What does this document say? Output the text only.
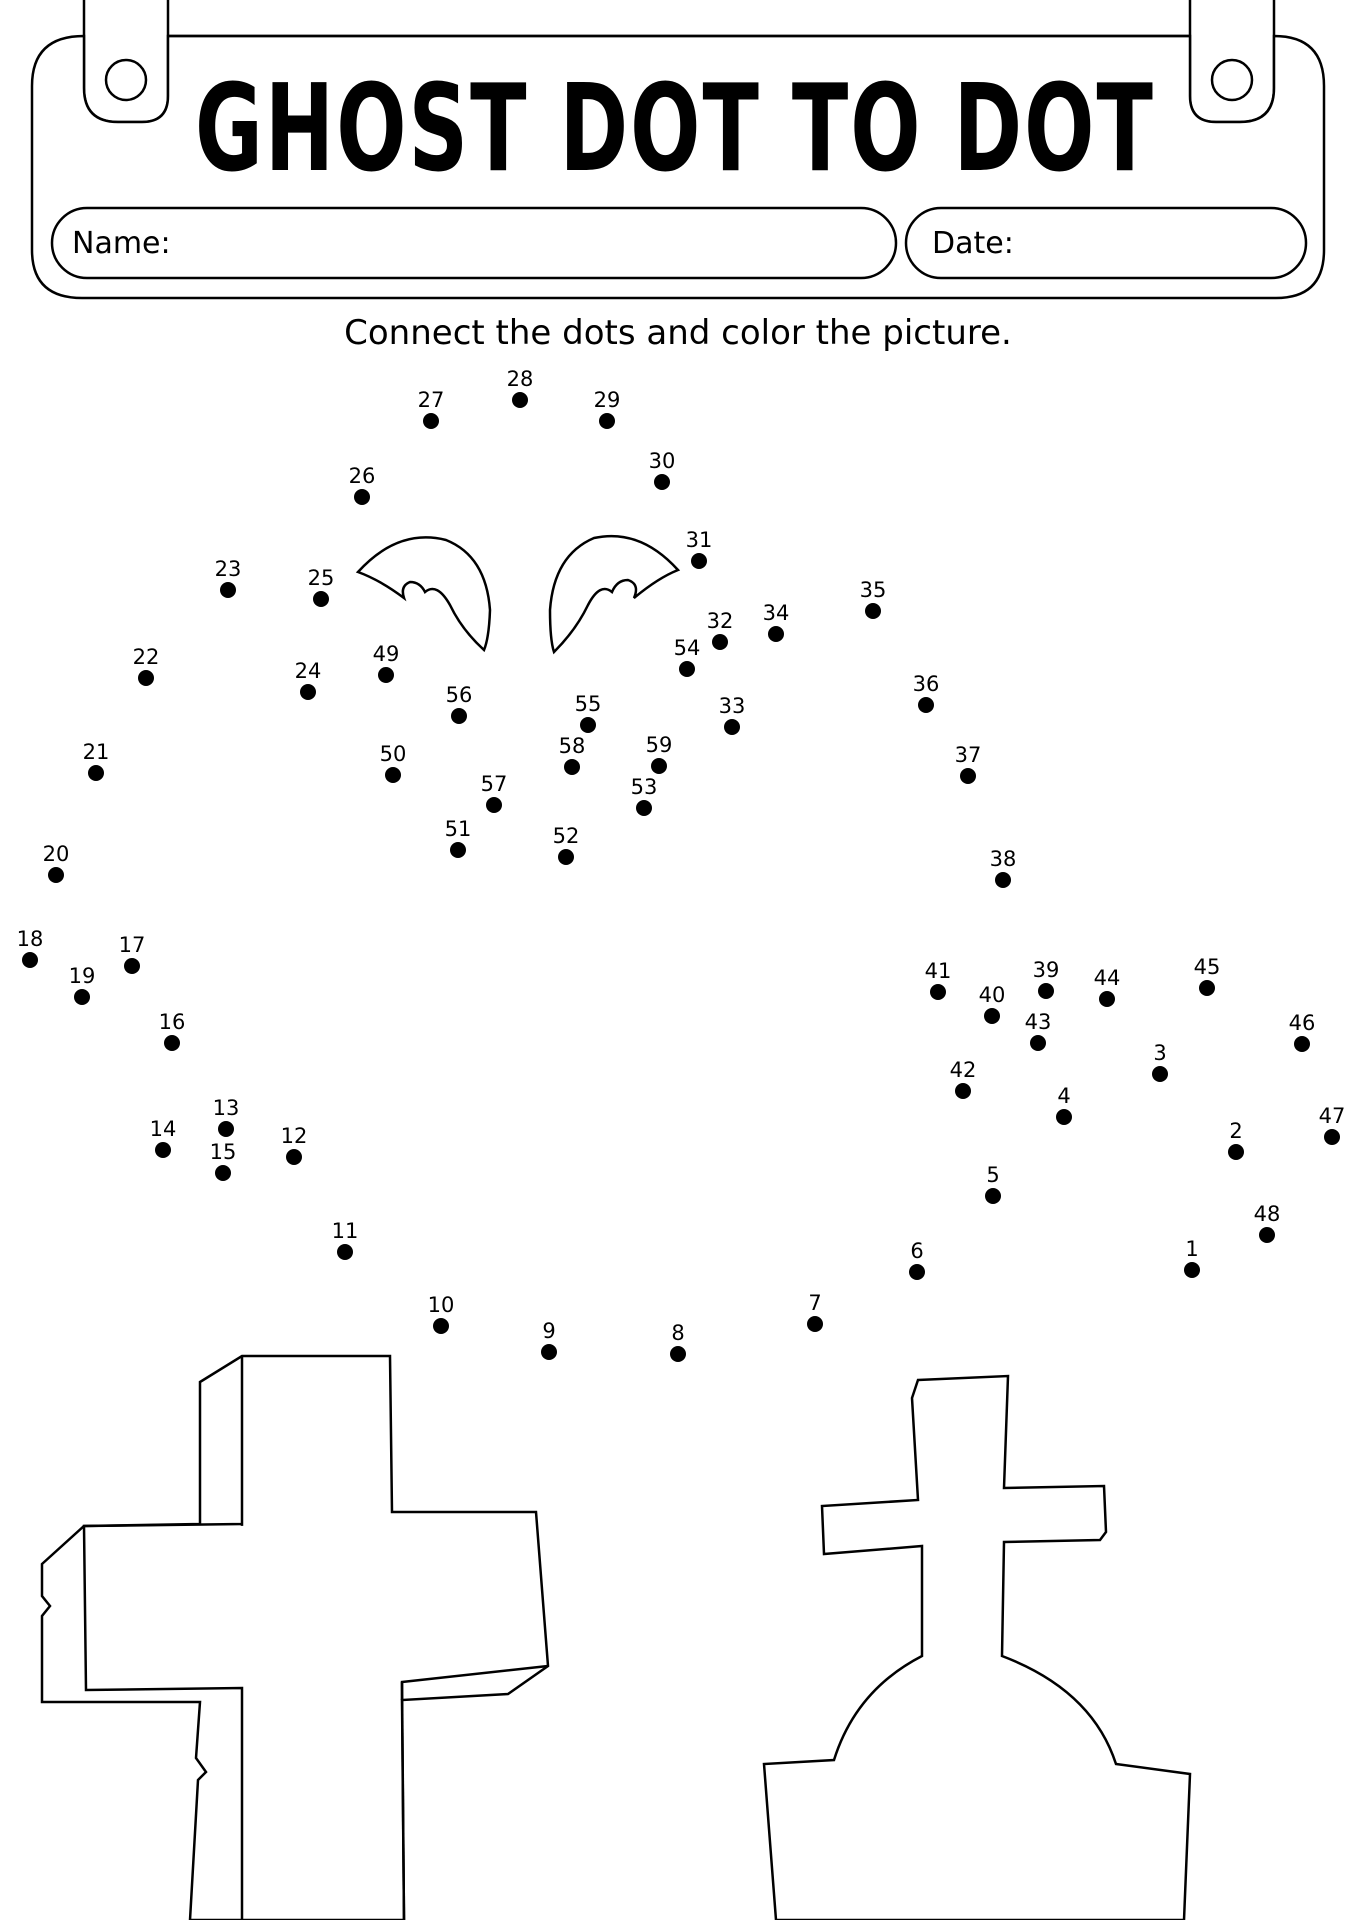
GHOST DOT TO DOT
Name:	Date:
Connect the dots and color the picture.
1
2
3
4
5
6
7
8
9
10
11
12
13
14
15
16
17
18
19
20
21
22
23
24
25
26
27
28
29
30
31
32
33
34
35
36
37
38
39
40
41
42
43
44	45
46
47
48
49
50
51	52
53
54
55
56
57
58	59
